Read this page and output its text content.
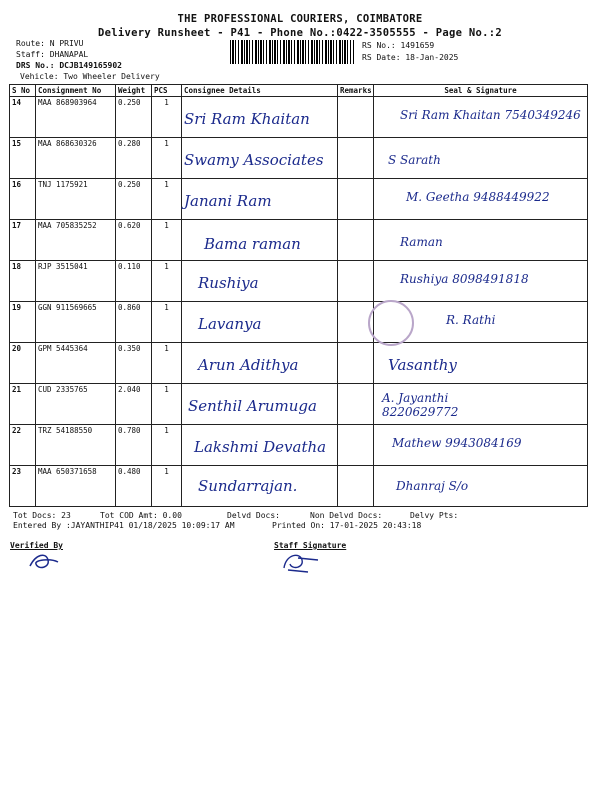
THE PROFESSIONAL COURIERS, COIMBATORE
Delivery Runsheet - P41 - Phone No.:0422-3505555 - Page No.:2
Route: N PRIVU
Staff: DHANAPAL
DRS No.: DCJB149165902
Vehicle: Two Wheeler Delivery
RS No.: 1491659
RS Date: 18-Jan-2025
S No	Consignment No	Weight	PCS	Consignee Details	Remarks	Seal & Signature
14	MAA 868903964	0.250	1	Sri Ram Khaitan		Sri Ram Khaitan 7540349246

15	MAA 868630326	0.280	1	Swamy Associates		S Sarath

16	TNJ 1175921	0.250	1	Janani Ram		M. Geetha 9488449922

17	MAA 705835252	0.620	1	Bama raman		Raman

18	RJP 3515041	0.110	1	Rushiya		Rushiya 8098491818

19	GGN 911569665	0.860	1	Lavanya		R. Rathi

20	GPM 5445364	0.350	1	Arun Adithya		Vasanthy

21	CUD 2335765	2.040	1	Senthil Arumuga		A. Jayanthi 8220629772

22	TRZ 54188550	0.780	1	Lakshmi Devatha		Mathew 9943084169

23	MAA 650371658	0.480	1	Sundarrajan.		Dhanraj S/o
Tot Docs: 23	Tot COD Amt: 0.00	Delvd Docs:	Non Delvd Docs:	Delvy Pts:
Entered By :JAYANTHIP41 01/18/2025 10:09:17 AM	Printed On: 17-01-2025 20:43:18
Verified By	Staff Signature
